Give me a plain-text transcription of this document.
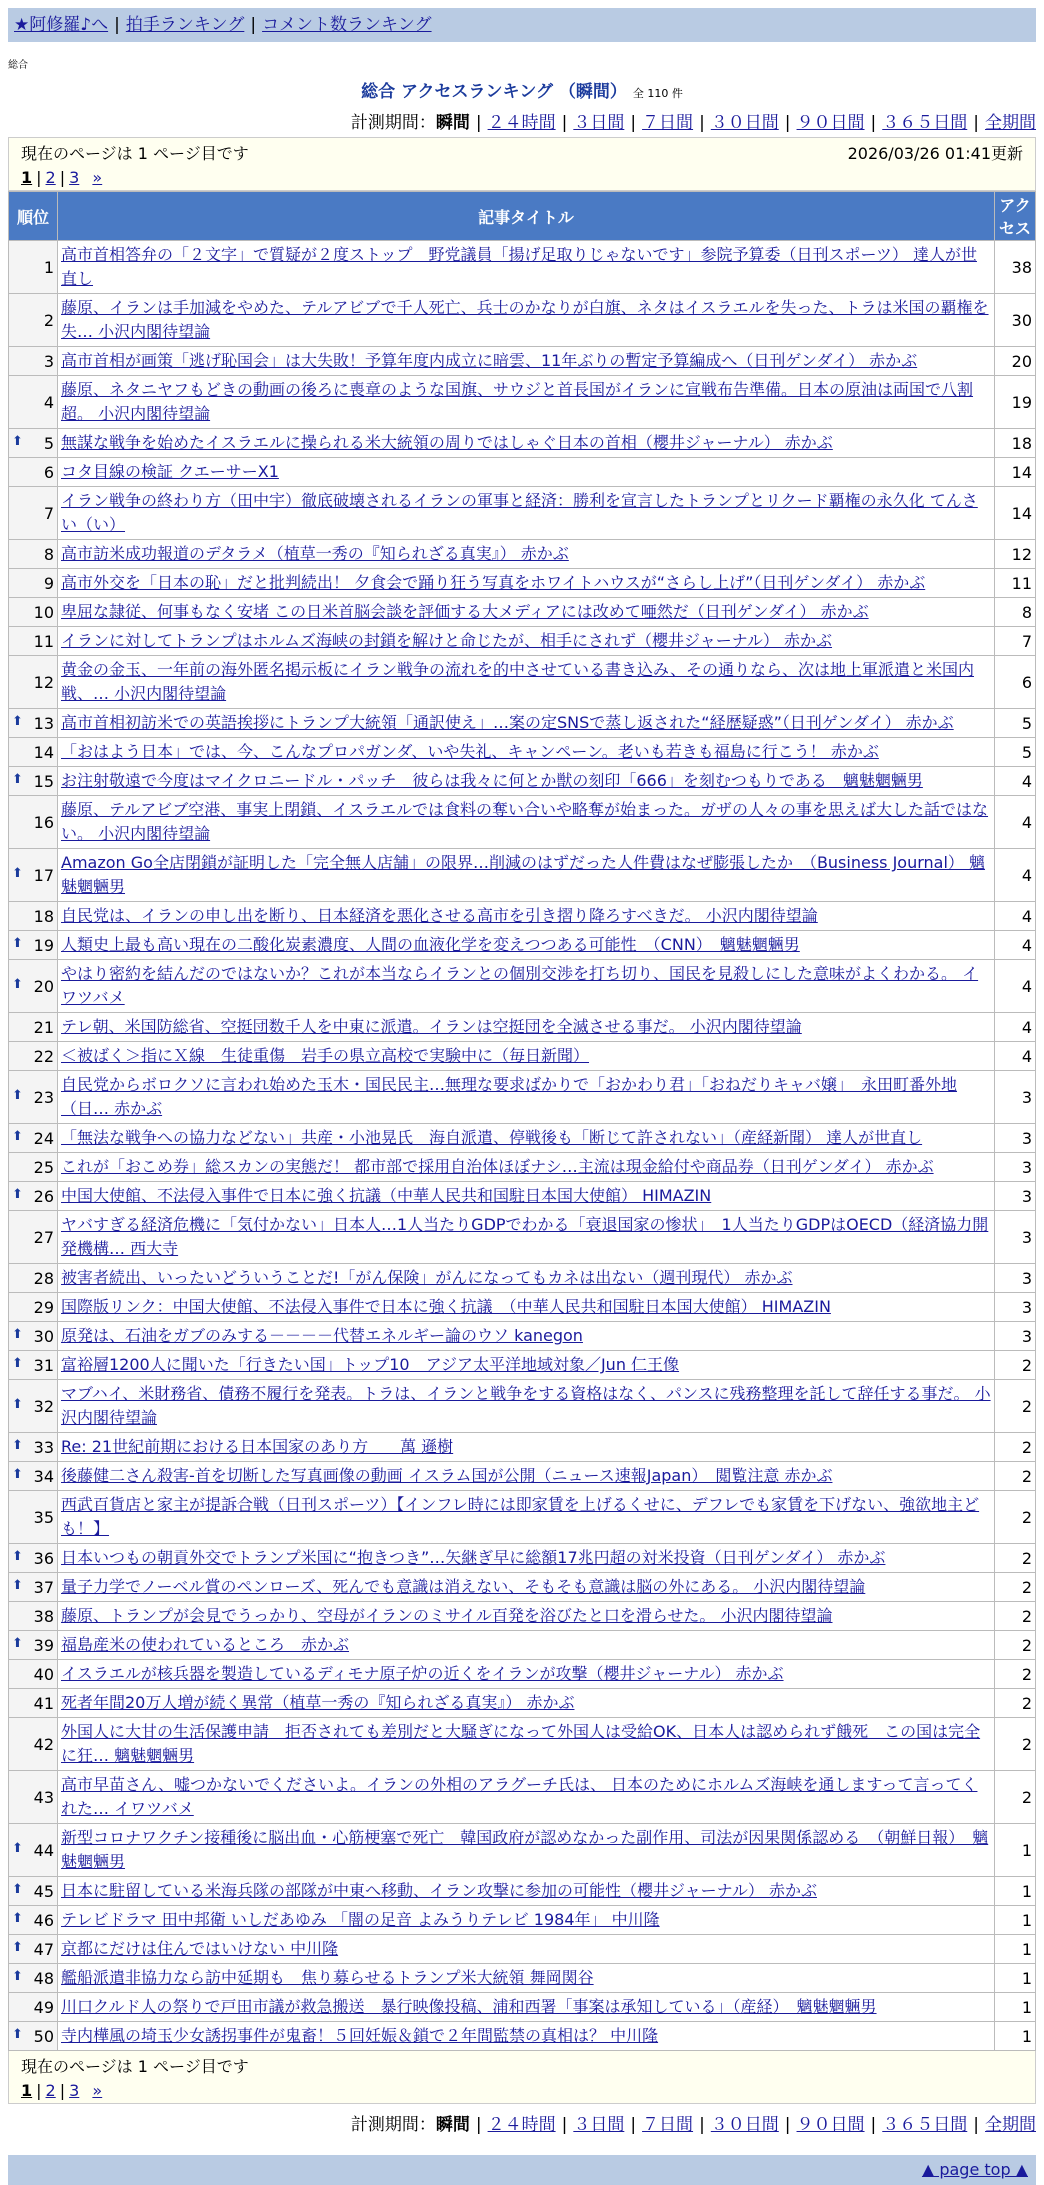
★阿修羅♪へ | 拍手ランキング | コメント数ランキング
総合
総合 アクセスランキング （瞬間） 全 110 件
計測期間：瞬間 | ２４時間 | ３日間 | ７日間 | ３０日間 | ９０日間 | ３６５日間 | 全期間
現在のページは 1 ページ目です	2026/03/26 01:41更新
1 | 2 | 3 »
順位	記事タイトル	アクセス
1	高市首相答弁の「２文字」で質疑が２度ストップ　野党議員「揚げ足取りじゃないです」参院予算委（日刊スポーツ） 達人が世直し	38
2	藤原、イランは手加減をやめた、テルアビブで千人死亡、兵士のかなりが白旗、ネタはイスラエルを失った、トラは米国の覇権を失… 小沢内閣待望論	30
3	高市首相が画策「逃げ恥国会」は大失敗！予算年度内成立に暗雲、11年ぶりの暫定予算編成へ（日刊ゲンダイ） 赤かぶ	20
4	藤原、ネタニヤフもどきの動画の後ろに喪章のような国旗、サウジと首長国がイランに宣戦布告準備。日本の原油は両国で八割超。 小沢内閣待望論	19

⬆ 5	無謀な戦争を始めたイスラエルに操られる米大統領の周りではしゃぐ日本の首相（櫻井ジャーナル） 赤かぶ	18
6	コタ目線の検証 クエーサーX1	14
7	イラン戦争の終わり方（田中宇）徹底破壊されるイランの軍事と経済：勝利を宣言したトランプとリクード覇権の永久化 てんさい（い）	14
8	高市訪米成功報道のデタラメ（植草一秀の『知られざる真実』） 赤かぶ	12
9	高市外交を「日本の恥」だと批判続出！ 夕食会で踊り狂う写真をホワイトハウスが“さらし上げ”（日刊ゲンダイ） 赤かぶ	11
10	卑屈な隷従、何事もなく安堵 この日米首脳会談を評価する大メディアには改めて唖然だ（日刊ゲンダイ） 赤かぶ	8
11	イランに対してトランプはホルムズ海峡の封鎖を解けと命じたが、相手にされず（櫻井ジャーナル） 赤かぶ	7
12	黄金の金玉、一年前の海外匿名掲示板にイラン戦争の流れを的中させている書き込み、その通りなら、次は地上軍派遣と米国内戦、… 小沢内閣待望論	6

⬆ 13	高市首相初訪米での英語挨拶にトランプ大統領「通訳使え」…案の定SNSで蒸し返された“経歴疑惑”（日刊ゲンダイ） 赤かぶ	5
14	「おはよう日本」では、今、こんなプロパガンダ、いや失礼、キャンペーン。老いも若きも福島に行こう！ 赤かぶ	5

⬆ 15	お注射敬遠で今度はマイクロニードル・パッチ　彼らは我々に何とか獣の刻印「666」を刻むつもりである　魑魅魍魎男	4
16	藤原、テルアビブ空港、事実上閉鎖、イスラエルでは食料の奪い合いや略奪が始まった。ガザの人々の事を思えば大した話ではない。 小沢内閣待望論	4

⬆ 17	Amazon Go全店閉鎖が証明した「完全無人店舗」の限界…削減のはずだった人件費はなぜ膨張したか　（Business Journal） 魑魅魍魎男	4
18	自民党は、イランの申し出を断り、日本経済を悪化させる高市を引き摺り降ろすべきだ。 小沢内閣待望論	4

⬆ 19	人類史上最も高い現在の二酸化炭素濃度、人間の血液化学を変えつつある可能性　（CNN）　魑魅魍魎男	4

⬆ 20	やはり密約を結んだのではないか？これが本当ならイランとの個別交渉を打ち切り、国民を見殺しにした意味がよくわかる。 イワツバメ	4
21	テレ朝、米国防総省、空挺団数千人を中東に派遣。イランは空挺団を全滅させる事だ。 小沢内閣待望論	4
22	＜被ばく＞指にＸ線　生徒重傷　岩手の県立高校で実験中に（毎日新聞）	4

⬆ 23	自民党からボロクソに言われ始めた玉木・国民民主…無理な要求ばかりで「おかわり君」「おねだりキャバ嬢」　永田町番外地（日… 赤かぶ	3

⬆ 24	「無法な戦争への協力などない」共産・小池晃氏　海自派遣、停戦後も「断じて許されない」（産経新聞） 達人が世直し	3
25	これが「おこめ券」総スカンの実態だ！ 都市部で採用自治体ほぼナシ…主流は現金給付や商品券（日刊ゲンダイ） 赤かぶ	3

⬆ 26	中国大使館、不法侵入事件で日本に強く抗議（中華人民共和国駐日本国大使館） HIMAZIN	3
27	ヤバすぎる経済危機に「気付かない」日本人…1人当たりGDPでわかる「衰退国家の惨状」　1人当たりGDPはOECD（経済協力開発機構… 西大寺	3
28	被害者続出、いったいどういうことだ!「がん保険」がんになってもカネは出ない（週刊現代） 赤かぶ	3
29	国際版リンク：中国大使館、不法侵入事件で日本に強く抗議　（中華人民共和国駐日本国大使館） HIMAZIN	3

⬆ 30	原発は、石油をガブのみする－－－－代替エネルギー論のウソ kanegon	3

⬆ 31	富裕層1200人に聞いた「行きたい国」トップ10　アジア太平洋地域対象／Jun 仁王像	2

⬆ 32	マブハイ、米財務省、債務不履行を発表。トラは、イランと戦争をする資格はなく、パンスに残務整理を託して辞任する事だ。 小沢内閣待望論	2

⬆ 33	Re: 21世紀前期における日本国家のあり方　　萬 遜樹	2

⬆ 34	後藤健二さん殺害-首を切断した写真画像の動画 イスラム国が公開（ニュース速報Japan）　閲覧注意 赤かぶ	2
35	西武百貨店と家主が提訴合戦（日刊スポーツ）【インフレ時には即家賃を上げるくせに、デフレでも家賃を下げない、強欲地主ども！】	2

⬆ 36	日本いつもの朝貢外交でトランプ米国に“抱きつき”…矢継ぎ早に総額17兆円超の対米投資（日刊ゲンダイ） 赤かぶ	2

⬆ 37	量子力学でノーベル賞のペンローズ、死んでも意識は消えない、そもそも意識は脳の外にある。 小沢内閣待望論	2
38	藤原、トランプが会見でうっかり、空母がイランのミサイル百発を浴びたと口を滑らせた。 小沢内閣待望論	2

⬆ 39	福島産米の使われているところ　赤かぶ	2
40	イスラエルが核兵器を製造しているディモナ原子炉の近くをイランが攻撃（櫻井ジャーナル） 赤かぶ	2
41	死者年間20万人増が続く異常（植草一秀の『知られざる真実』） 赤かぶ	2
42	外国人に大甘の生活保護申請　拒否されても差別だと大騒ぎになって外国人は受給OK、日本人は認められず餓死　この国は完全に狂… 魑魅魍魎男	2
43	高市早苗さん、嘘つかないでくださいよ。イランの外相のアラグーチ氏は、 日本のためにホルムズ海峡を通しますって言ってくれた… イワツバメ	2

⬆ 44	新型コロナワクチン接種後に脳出血・心筋梗塞で死亡　韓国政府が認めなかった副作用、司法が因果関係認める　（朝鮮日報）　魑魅魍魎男	1

⬆ 45	日本に駐留している米海兵隊の部隊が中東へ移動、イラン攻撃に参加の可能性（櫻井ジャーナル） 赤かぶ	1

⬆ 46	テレビドラマ 田中邦衛 いしだあゆみ 「闇の足音 よみうりテレビ 1984年」 中川隆	1

⬆ 47	京都にだけは住んではいけない 中川隆	1

⬆ 48	艦船派遣非協力なら訪中延期も　焦り募らせるトランプ米大統領 舞岡関谷	1
49	川口クルド人の祭りで戸田市議が救急搬送　暴行映像投稿、浦和西署「事案は承知している」（産経）　魑魅魍魎男	1

⬆ 50	寺内樺風の埼玉少女誘拐事件が鬼畜！５回妊娠＆鎖で２年間監禁の真相は？ 中川隆	1
現在のページは 1 ページ目です
1 | 2 | 3 »
計測期間：瞬間 | ２４時間 | ３日間 | ７日間 | ３０日間 | ９０日間 | ３６５日間 | 全期間
▲ page top ▲
